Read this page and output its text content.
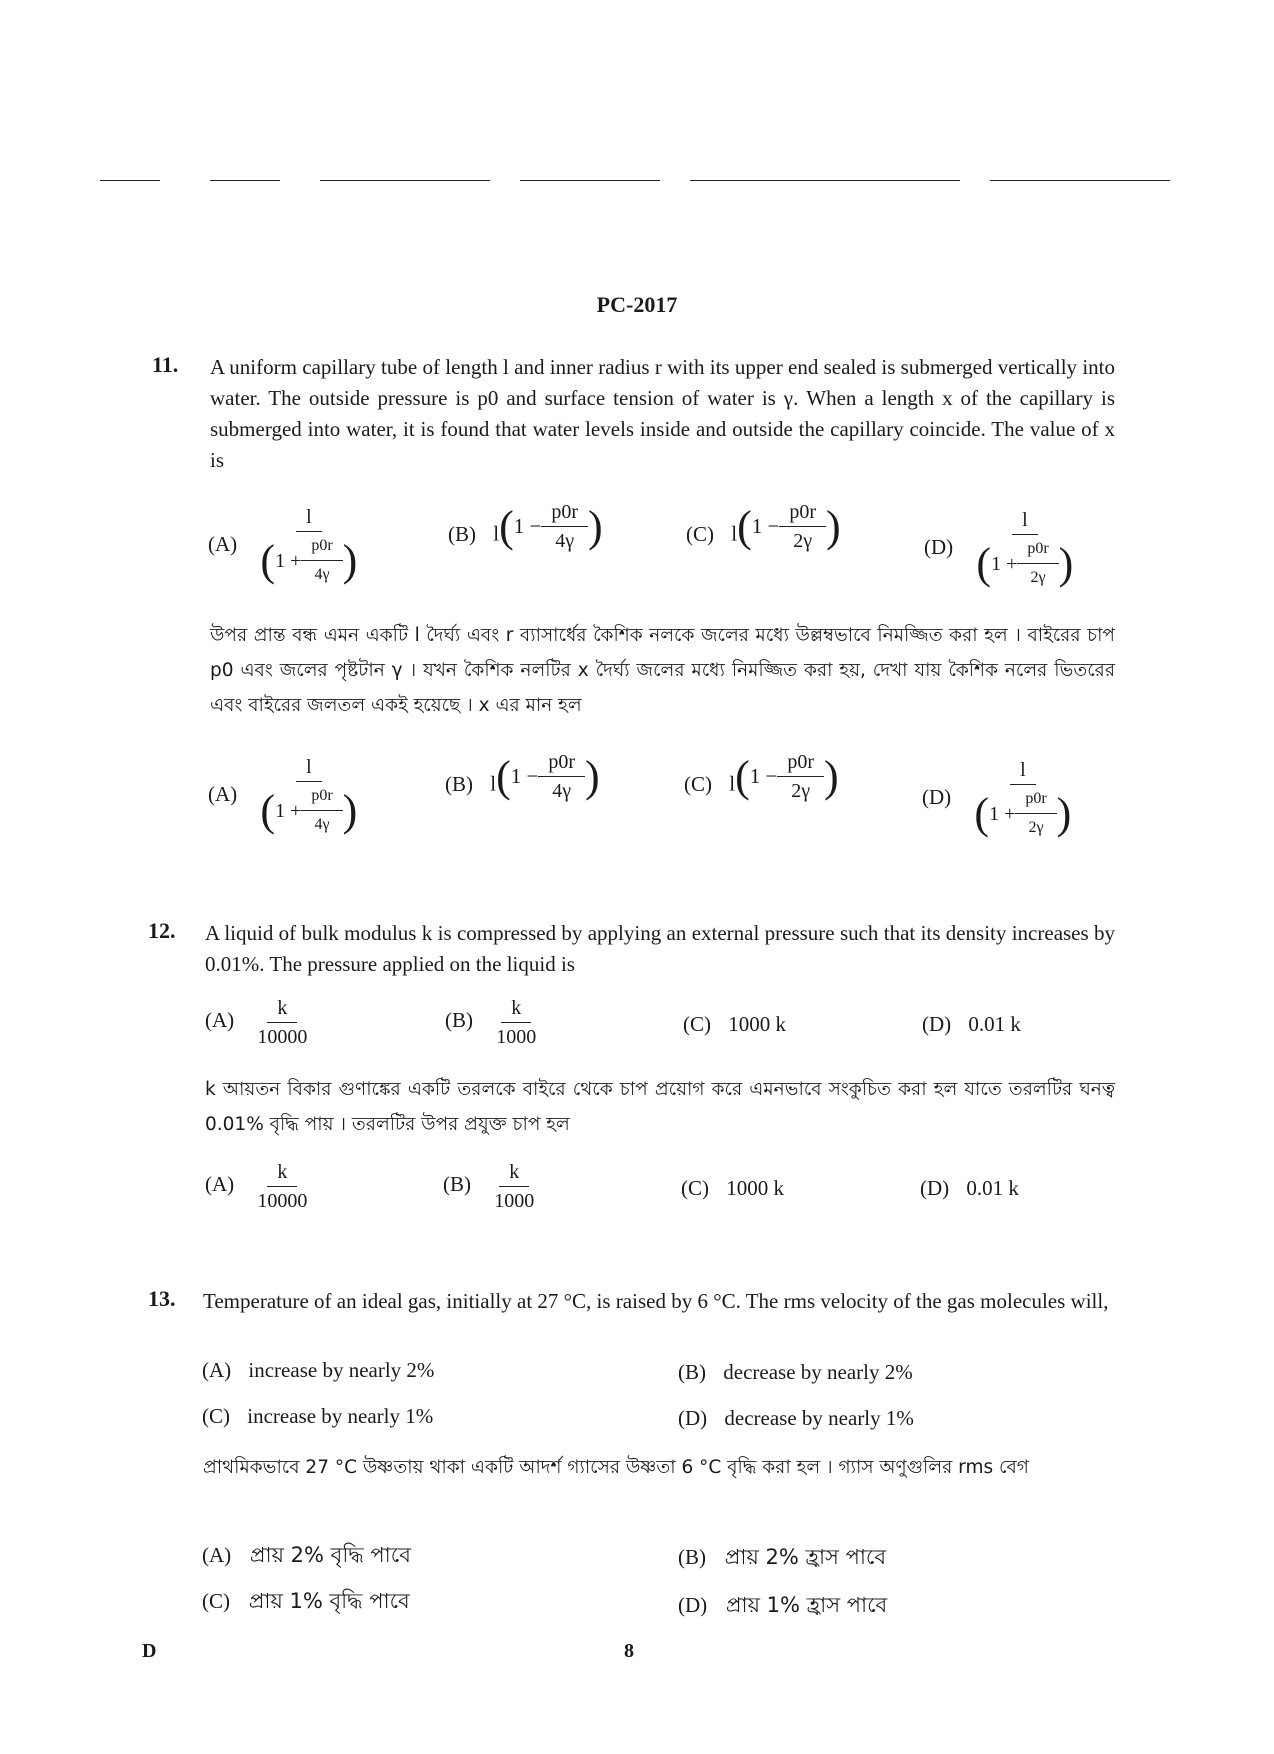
PC-2017
11. A uniform capillary tube of length l and inner radius r with its upper end sealed is submerged vertically into water. The outside pressure is p0 and surface tension of water is γ. When a length x of the capillary is submerged into water, it is found that water levels inside and outside the capillary coincide. The value of x is
$(A) \frac{l}{( 1 + \frac{p0r}{4\gamma} )}$	(B) l ( $1 - \frac{p0r}{4\gamma}$ )	(C) l ( $1 - \frac{p0r}{2\gamma}$ )	$(D) \frac{l}{( 1 + \frac{p0r}{2\gamma} )}$
উপর প্রান্ত বন্ধ এমন একটি l দৈর্ঘ্য এবং r ব্যাসার্ধের কৈশিক নলকে জলের মধ্যে উল্লম্বভাবে নিমজ্জিত করা হল । বাইরের চাপ p0 এবং জলের পৃষ্টটান γ । যখন কৈশিক নলটির x দৈর্ঘ্য জলের মধ্যে নিমজ্জিত করা হয়, দেখা যায় কৈশিক নলের ভিতরের এবং বাইরের জলতল একই হয়েছে । x এর মান হল
$(A) \frac{l}{( 1 + \frac{p0r}{4\gamma} )}$	(B) l ( $1 - \frac{p0r}{4\gamma}$ )	(C) l ( $1 - \frac{p0r}{2\gamma}$ )	$(D) \frac{l}{( 1 + \frac{p0r}{2\gamma} )}$
12. A liquid of bulk modulus k is compressed by applying an external pressure such that its density increases by 0.01%. The pressure applied on the liquid is
$(A) \frac{k}{10000}$	$(B) \frac{k}{1000}$	(C) 1000 k	(D) 0.01 k
k আয়তন বিকার গুণাঙ্কের একটি তরলকে বাইরে থেকে চাপ প্রয়োগ করে এমনভাবে সংকুচিত করা হল যাতে তরলটির ঘনত্ব 0.01% বৃদ্ধি পায় । তরলটির উপর প্রযুক্ত চাপ হল
$(A) \frac{k}{10000}$	$(B) \frac{k}{1000}$	(C) 1000 k	(D) 0.01 k
13. Temperature of an ideal gas, initially at 27 °C, is raised by 6 °C. The rms velocity of the gas molecules will,
(A) increase by nearly 2%	(B) decrease by nearly 2%
(C) increase by nearly 1%	(D) decrease by nearly 1%
প্রাথমিকভাবে 27 °C উষ্ণতায় থাকা একটি আদর্শ গ্যাসের উষ্ণতা 6 °C বৃদ্ধি করা হল । গ্যাস অণুগুলির rms বেগ
(A) প্রায় 2% বৃদ্ধি পাবে	(B) প্রায় 2% হ্রাস পাবে
(C) প্রায় 1% বৃদ্ধি পাবে	(D) প্রায় 1% হ্রাস পাবে
D	8
